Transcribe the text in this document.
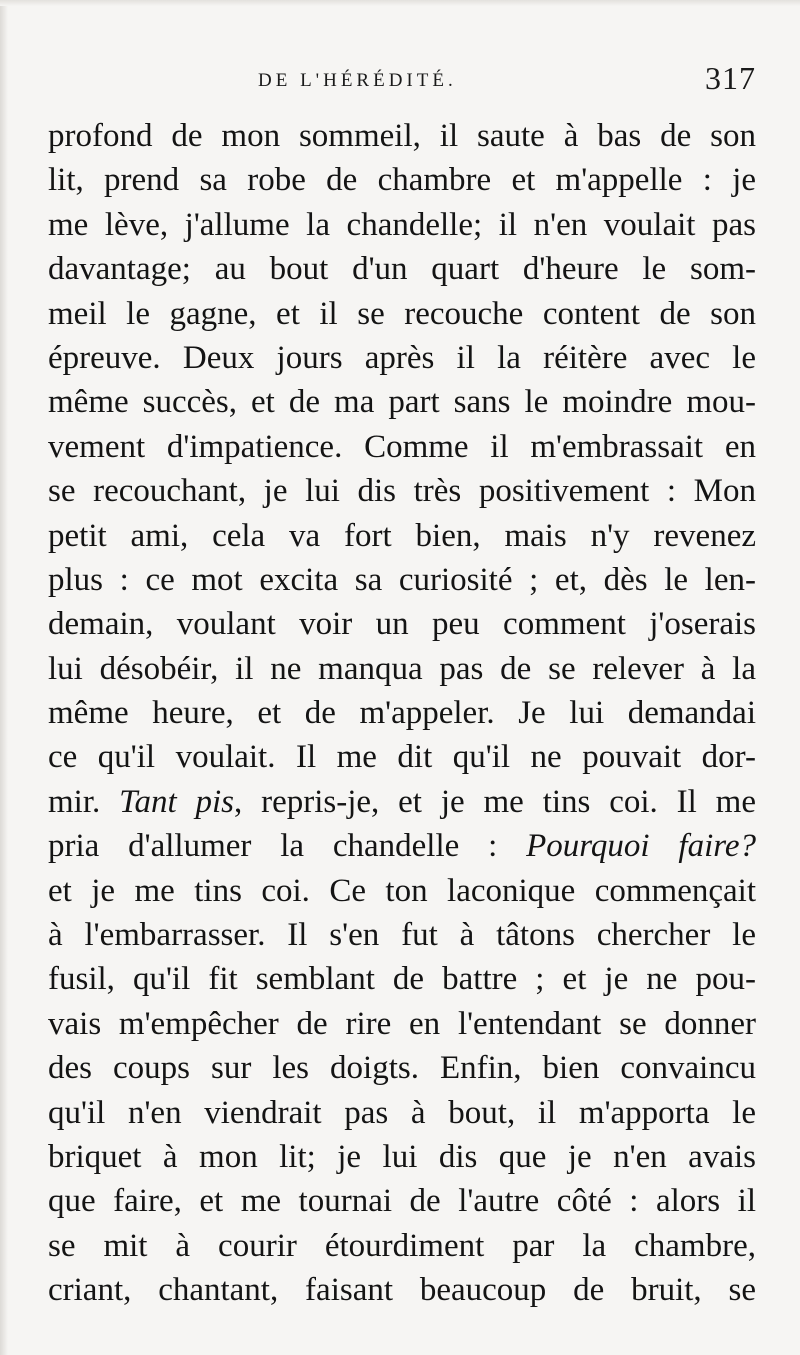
DE L'HÉRÉDITÉ.	317
profond de mon sommeil, il saute à bas de son
lit, prend sa robe de chambre et m'appelle : je
me lève, j'allume la chandelle; il n'en voulait pas
davantage; au bout d'un quart d'heure le som-
meil le gagne, et il se recouche content de son
épreuve. Deux jours après il la réitère avec le
même succès, et de ma part sans le moindre mou-
vement d'impatience. Comme il m'embrassait en
se recouchant, je lui dis très positivement : Mon
petit ami, cela va fort bien, mais n'y revenez
plus : ce mot excita sa curiosité ; et, dès le len-
demain, voulant voir un peu comment j'oserais
lui désobéir, il ne manqua pas de se relever à la
même heure, et de m'appeler. Je lui demandai
ce qu'il voulait. Il me dit qu'il ne pouvait dor-
mir. Tant pis, repris-je, et je me tins coi. Il me
pria d'allumer la chandelle : Pourquoi faire?
et je me tins coi. Ce ton laconique commençait
à l'embarrasser. Il s'en fut à tâtons chercher le
fusil, qu'il fit semblant de battre ; et je ne pou-
vais m'empêcher de rire en l'entendant se donner
des coups sur les doigts. Enfin, bien convaincu
qu'il n'en viendrait pas à bout, il m'apporta le
briquet à mon lit; je lui dis que je n'en avais
que faire, et me tournai de l'autre côté : alors il
se mit à courir étourdiment par la chambre,
criant, chantant, faisant beaucoup de bruit, se
